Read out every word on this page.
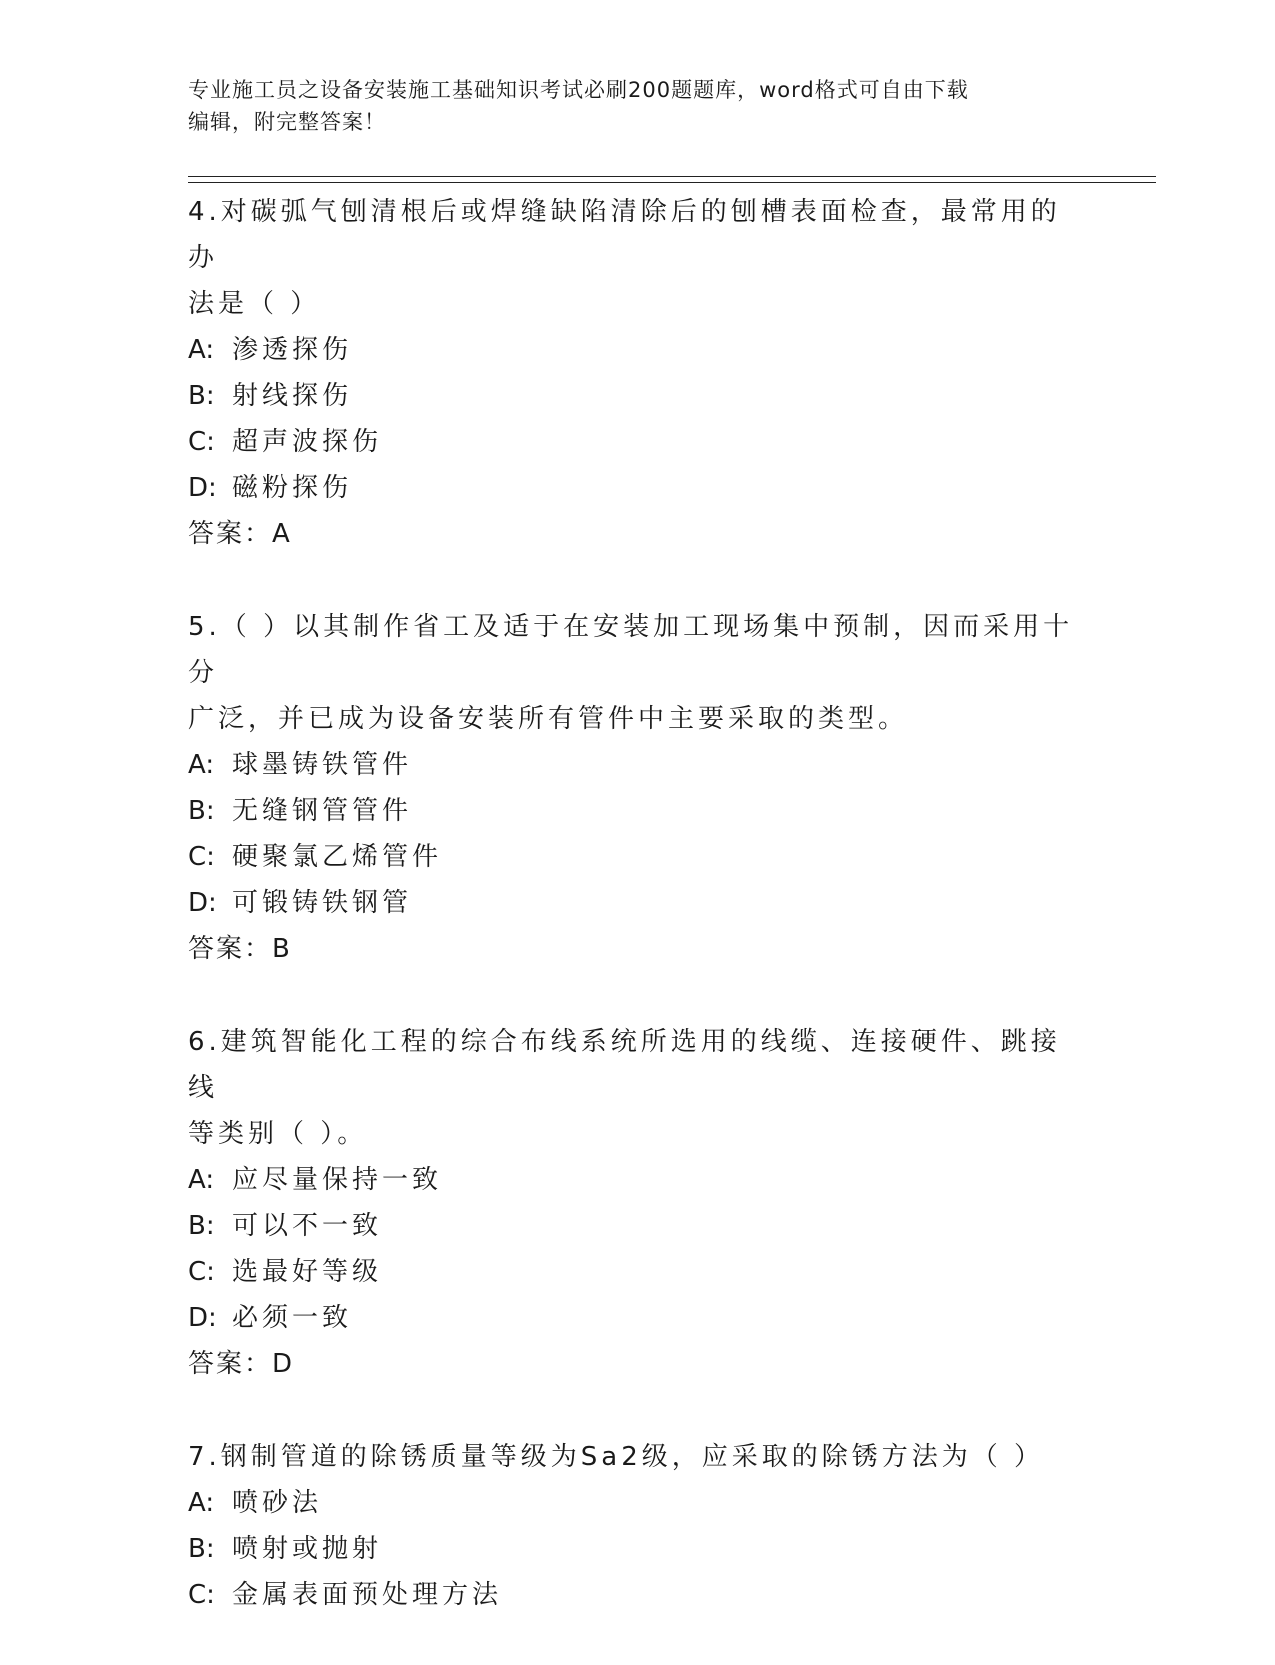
专业施工员之设备安装施工基础知识考试必刷200题题库，word格式可自由下载
编辑，附完整答案！
4.对碳弧气刨清根后或焊缝缺陷清除后的刨槽表面检查，最常用的办
法是（ ）
A: 渗透探伤
B: 射线探伤
C: 超声波探伤
D: 磁粉探伤
答案：A
5.（ ）以其制作省工及适于在安装加工现场集中预制，因而采用十分
广泛，并已成为设备安装所有管件中主要采取的类型。
A: 球墨铸铁管件
B: 无缝钢管管件
C: 硬聚氯乙烯管件
D: 可锻铸铁钢管
答案：B
6.建筑智能化工程的综合布线系统所选用的线缆、连接硬件、跳接线
等类别（ ）。
A: 应尽量保持一致
B: 可以不一致
C: 选最好等级
D: 必须一致
答案：D
7.钢制管道的除锈质量等级为Sa2级，应采取的除锈方法为（ ）
A: 喷砂法
B: 喷射或抛射
C: 金属表面预处理方法
